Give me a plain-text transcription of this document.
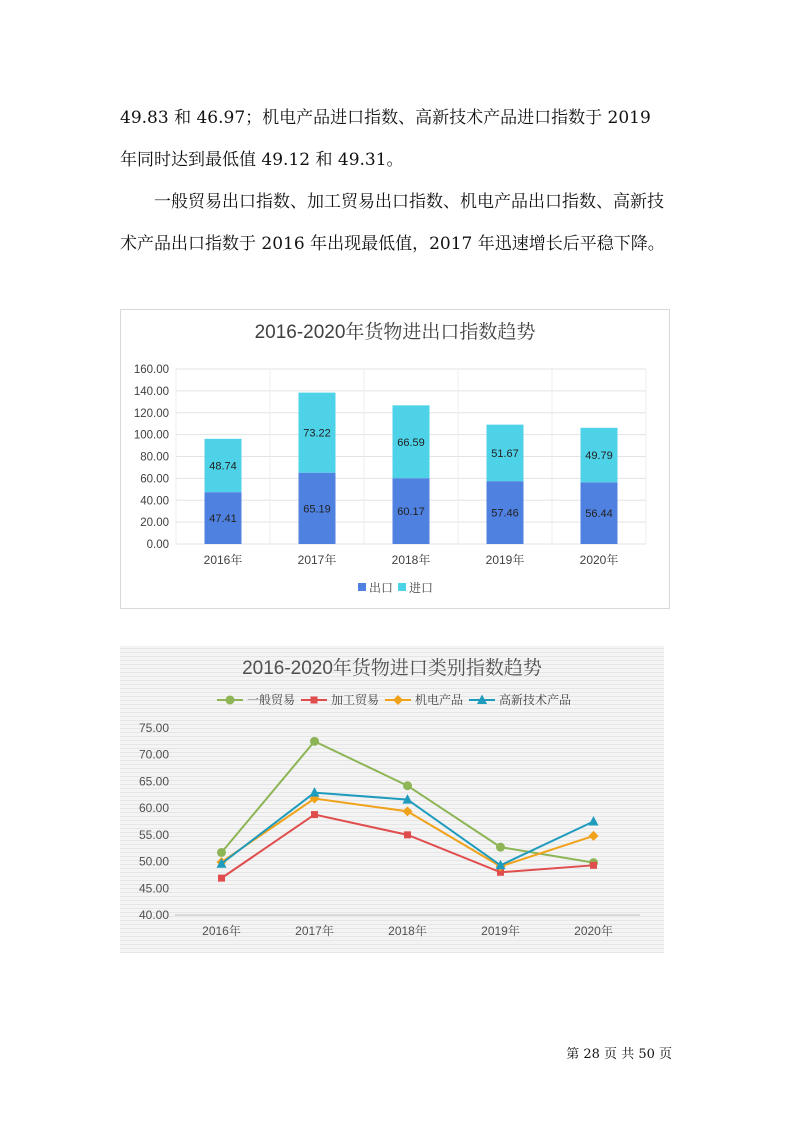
49.83 和 46.97；机电产品进口指数、高新技术产品进口指数于 2019

年同时达到最低值 49.12 和 49.31。

一般贸易出口指数、加工贸易出口指数、机电产品出口指数、高新技术产品出口指数于 2016 年出现最低值，2017 年迅速增长后平稳下降。

2016-2020年货物进出口指数趋势
0.00
20.00
40.00
60.00
80.00
100.00
120.00
140.00
160.00
47.41
48.74
2016年
65.19
73.22
2017年
60.17
66.59
2018年
57.46
51.67
2019年
56.44
49.79
2020年
出口 进口
2016-2020年货物进口类别指数趋势
40.00
45.00
50.00
55.00
60.00
65.00
70.00
75.00
2016年	2017年	2018年	2019年	2020年
一般贸易	加工贸易	机电产品	高新技术产品
第 28 页 共 50 页
